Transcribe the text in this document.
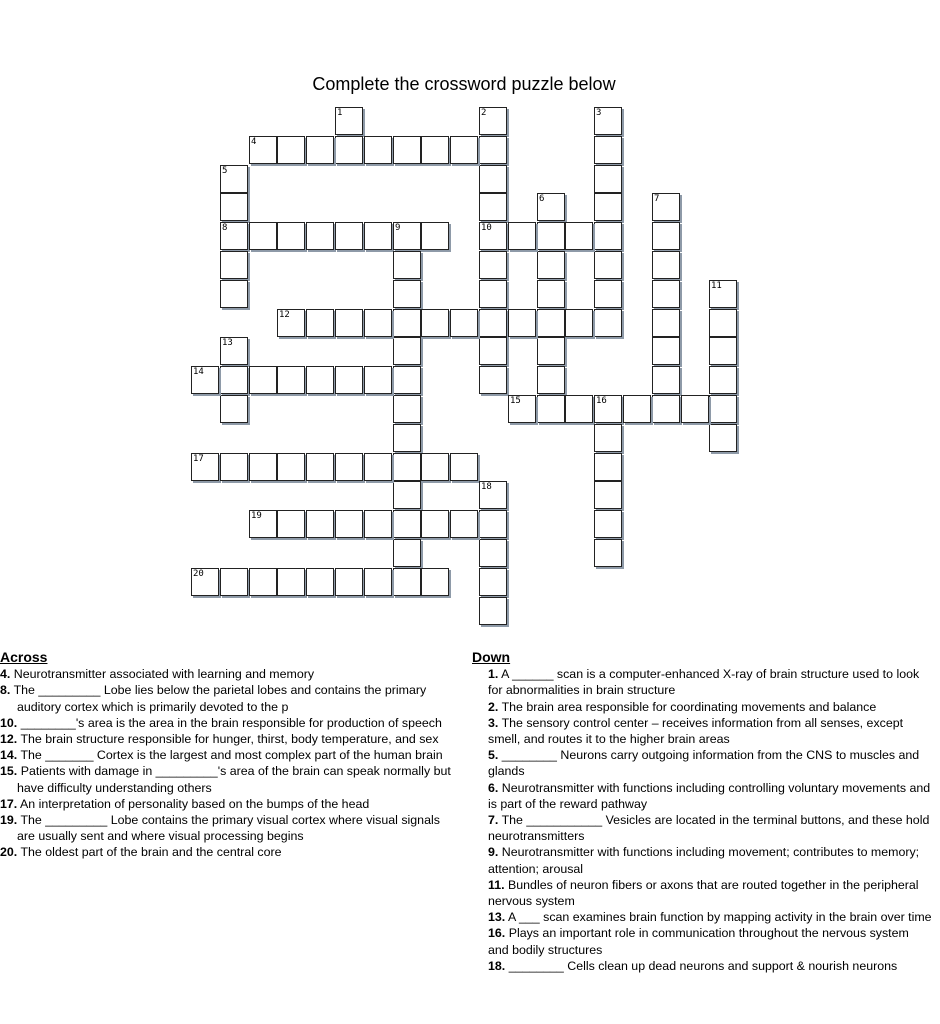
Complete the crossword puzzle below
1	2
10
3
4
5
8
6	7
9
11
12
13
14
15	16
17
18
19
20
Across
4. Neurotransmitter associated with learning and memory
8. The _________ Lobe lies below the parietal lobes and contains the primary auditory cortex which is primarily devoted to the p
10. ________'s area is the area in the brain responsible for production of speech
12. The brain structure responsible for hunger, thirst, body temperature, and sex
14. The _______ Cortex is the largest and most complex part of the human brain
15. Patients with damage in _________'s area of the brain can speak normally but have difficulty understanding others
17. An interpretation of personality based on the bumps of the head
19. The _________ Lobe contains the primary visual cortex where visual signals are usually sent and where visual processing begins
20. The oldest part of the brain and the central core
Down
1. A ______ scan is a computer-enhanced X-ray of brain structure used to look for abnormalities in brain structure
2. The brain area responsible for coordinating movements and balance
3. The sensory control center – receives information from all senses, except smell, and routes it to the higher brain areas
5. ________ Neurons carry outgoing information from the CNS to muscles and glands
6. Neurotransmitter with functions including controlling voluntary movements and is part of the reward pathway
7. The ___________ Vesicles are located in the terminal buttons, and these hold neurotransmitters
9. Neurotransmitter with functions including movement; contributes to memory; attention; arousal
11. Bundles of neuron fibers or axons that are routed together in the peripheral nervous system
13. A ___ scan examines brain function by mapping activity in the brain over time
16. Plays an important role in communication throughout the nervous system and bodily structures
18. ________ Cells clean up dead neurons and support & nourish neurons
